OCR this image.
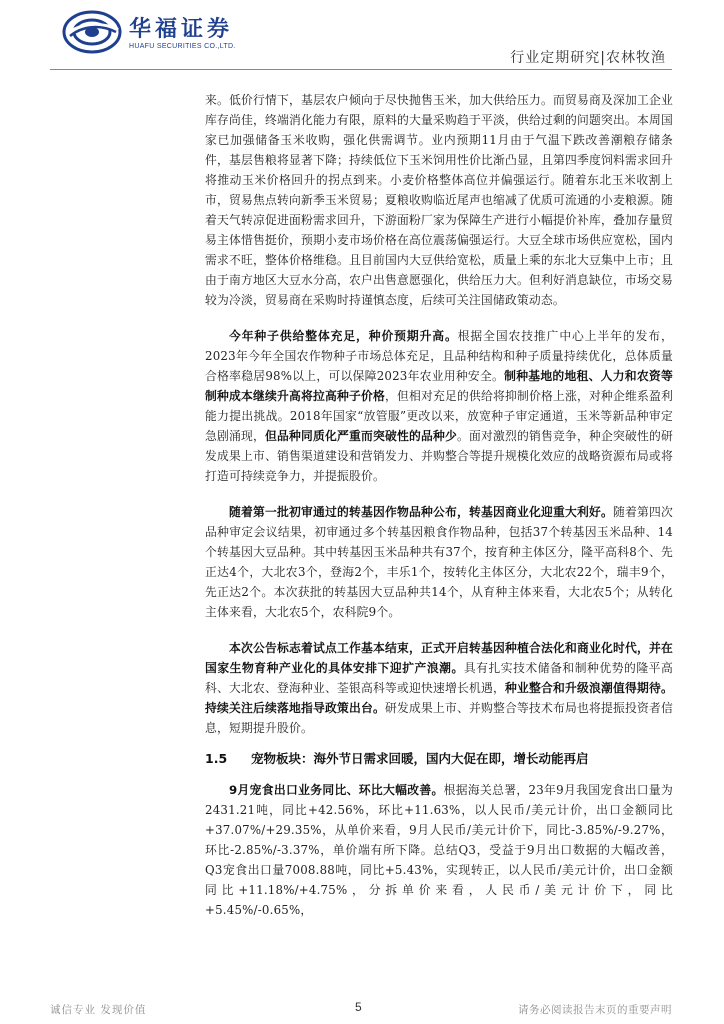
华福证券
HUAFU SECURITIES CO.,LTD.
行业定期研究|农林牧渔

来。低价行情下，基层农户倾向于尽快抛售玉米，加大供给压力。而贸易商及深加工企业库存尚佳，终端消化能力有限，原料的大量采购趋于平淡，供给过剩的问题突出。本周国家已加强储备玉米收购，强化供需调节。业内预期11月由于气温下跌改善潮粮存储条件，基层售粮将显著下降；持续低位下玉米饲用性价比渐凸显，且第四季度饲料需求回升将推动玉米价格回升的拐点到来。小麦价格整体高位并偏强运行。随着东北玉米收割上市，贸易焦点转向新季玉米贸易；夏粮收购临近尾声也缩减了优质可流通的小麦粮源。随着天气转凉促进面粉需求回升，下游面粉厂家为保障生产进行小幅提价补库，叠加存量贸易主体惜售挺价，预期小麦市场价格在高位震荡偏强运行。大豆全球市场供应宽松，国内需求不旺，整体价格维稳。且目前国内大豆供给宽松，质量上乘的东北大豆集中上市；且由于南方地区大豆水分高，农户出售意愿强化，供给压力大。但利好消息缺位，市场交易较为冷淡，贸易商在采购时持谨慎态度，后续可关注国储政策动态。

今年种子供给整体充足，种价预期升高。根据全国农技推广中心上半年的发布，2023年今年全国农作物种子市场总体充足，且品种结构和种子质量持续优化，总体质量合格率稳居98%以上，可以保障2023年农业用种安全。制种基地的地租、人力和农资等制种成本继续升高将拉高种子价格，但相对充足的供给将抑制价格上涨，对种企维系盈利能力提出挑战。2018年国家“放管服”更改以来，放宽种子审定通道，玉米等新品种审定急剧涌现，但品种同质化严重而突破性的品种少。面对激烈的销售竞争，种企突破性的研发成果上市、销售渠道建设和营销发力、并购整合等提升规模化效应的战略资源布局或将打造可持续竞争力，并提振股价。

随着第一批初审通过的转基因作物品种公布，转基因商业化迎重大利好。随着第四次品种审定会议结果，初审通过多个转基因粮食作物品种，包括37个转基因玉米品种、14个转基因大豆品种。其中转基因玉米品种共有37个，按育种主体区分，隆平高科8个、先正达4个，大北农3个，登海2个，丰乐1个，按转化主体区分，大北农22个，瑞丰9个，先正达2个。本次获批的转基因大豆品种共14个，从育种主体来看，大北农5个；从转化主体来看，大北农5个，农科院9个。

本次公告标志着试点工作基本结束，正式开启转基因种植合法化和商业化时代，并在国家生物育种产业化的具体安排下迎扩产浪潮。具有扎实技术储备和制种优势的隆平高科、大北农、登海种业、荃银高科等或迎快速增长机遇，种业整合和升级浪潮值得期待。持续关注后续落地指导政策出台。研发成果上市、并购整合等技术布局也将提振投资者信息，短期提升股价。

1.5	宠物板块：海外节日需求回暖，国内大促在即，增长动能再启

9月宠食出口业务同比、环比大幅改善。根据海关总署，23年9月我国宠食出口量为2431.21吨，同比+42.56%，环比+11.63%，以人民币/美元计价，出口金额同比+37.07%/+29.35%，从单价来看，9月人民币/美元计价下，同比-3.85%/-9.27%，环比-2.85%/-3.37%，单价端有所下降。总结Q3，受益于9月出口数据的大幅改善，Q3宠食出口量7008.88吨，同比+5.43%，实现转正，以人民币/美元计价，出口金额同比+11.18%/+4.75%，分拆单价来看，人民币/美元计价下，同比+5.45%/-0.65%，

诚信专业 发现价值	5	请务必阅读报告末页的重要声明
